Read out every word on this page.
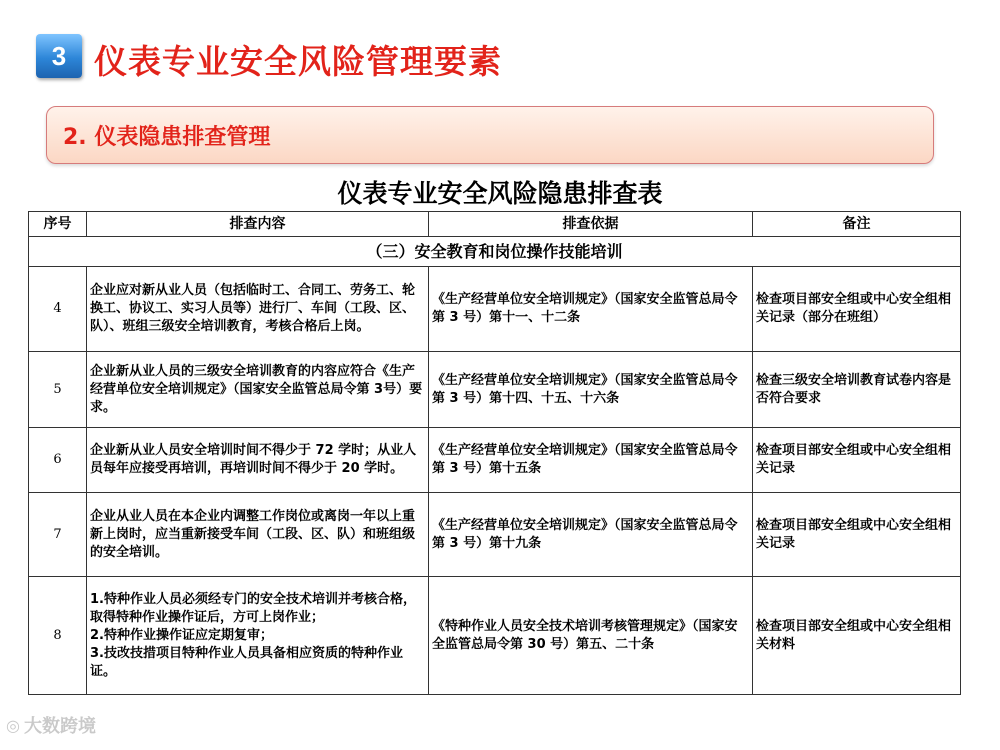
3 仪表专业安全风险管理要素
2. 仪表隐患排查管理
仪表专业安全风险隐患排查表
序号	排查内容	排查依据	备注
（三）安全教育和岗位操作技能培训			
4	企业应对新从业人员（包括临时工、合同工、劳务工、轮换工、协议工、实习人员等）进行厂、车间（工段、区、队）、班组三级安全培训教育，考核合格后上岗。	《生产经营单位安全培训规定》（国家安全监管总局令第 3 号）第十一、十二条	检查项目部安全组或中心安全组相关记录（部分在班组）
5	企业新从业人员的三级安全培训教育的内容应符合《生产经营单位安全培训规定》（国家安全监管总局令第 3号）要求。	《生产经营单位安全培训规定》（国家安全监管总局令第 3 号）第十四、十五、十六条	检查三级安全培训教育试卷内容是否符合要求
6	企业新从业人员安全培训时间不得少于 72 学时；从业人员每年应接受再培训，再培训时间不得少于 20 学时。	《生产经营单位安全培训规定》（国家安全监管总局令第 3 号）第十五条	检查项目部安全组或中心安全组相关记录
7	企业从业人员在本企业内调整工作岗位或离岗一年以上重新上岗时，应当重新接受车间（工段、区、队）和班组级的安全培训。	《生产经营单位安全培训规定》（国家安全监管总局令第 3 号）第十九条	检查项目部安全组或中心安全组相关记录
8	1.特种作业人员必须经专门的安全技术培训并考核合格，取得特种作业操作证后，方可上岗作业；
2.特种作业操作证应定期复审；
3.技改技措项目特种作业人员具备相应资质的特种作业证。	《特种作业人员安全技术培训考核管理规定》（国家安全监管总局令第 30 号）第五、二十条	检查项目部安全组或中心安全组相关材料
◎ 大数跨境
